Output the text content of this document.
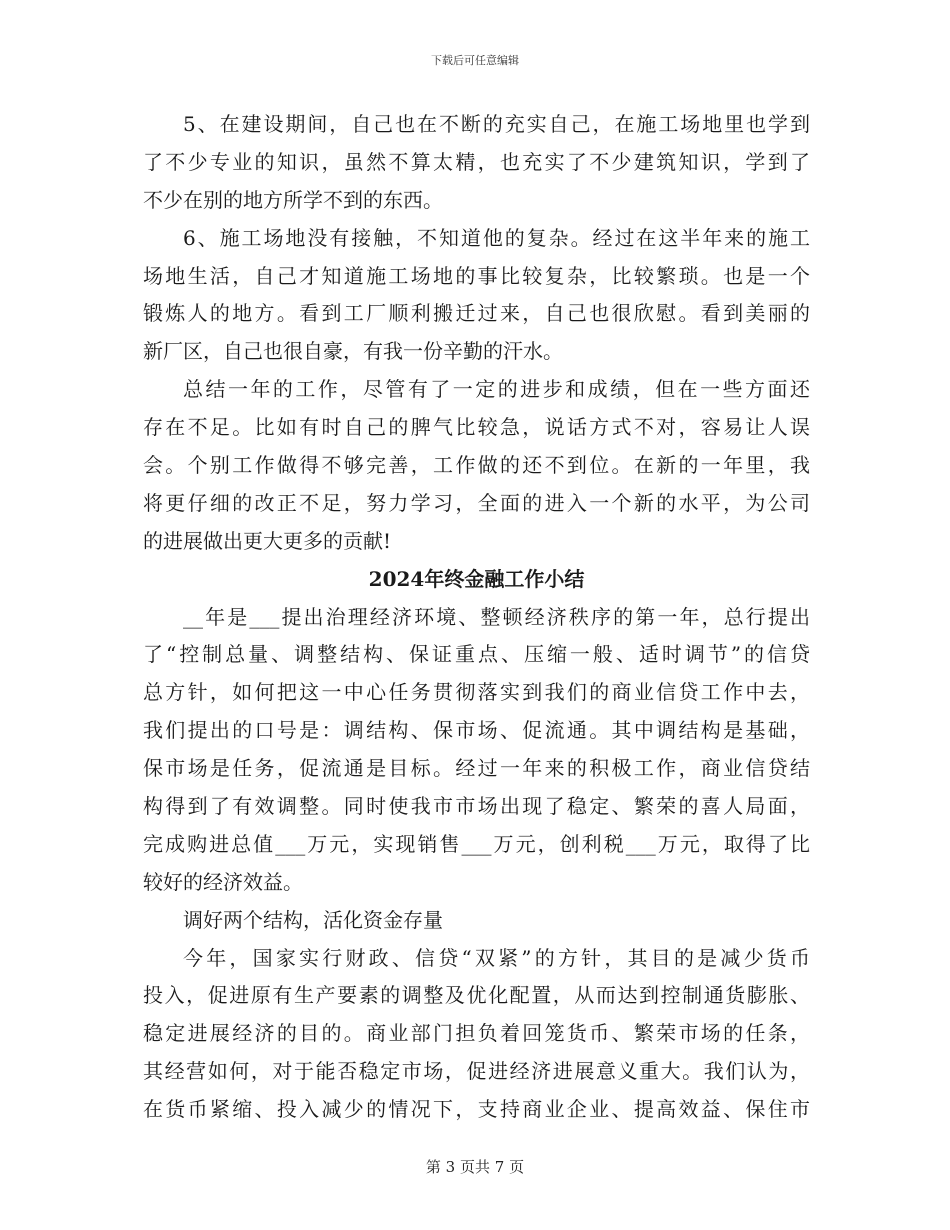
下载后可任意编辑
5、在建设期间，自己也在不断的充实自己，在施工场地里也学到
了不少专业的知识，虽然不算太精，也充实了不少建筑知识，学到了
不少在别的地方所学不到的东西。
6、施工场地没有接触，不知道他的复杂。经过在这半年来的施工
场地生活，自己才知道施工场地的事比较复杂，比较繁琐。也是一个
锻炼人的地方。看到工厂顺利搬迁过来，自己也很欣慰。看到美丽的
新厂区，自己也很自豪，有我一份辛勤的汗水。
总结一年的工作，尽管有了一定的进步和成绩，但在一些方面还
存在不足。比如有时自己的脾气比较急，说话方式不对，容易让人误
会。个别工作做得不够完善，工作做的还不到位。在新的一年里，我
将更仔细的改正不足，努力学习，全面的进入一个新的水平，为公司
的进展做出更大更多的贡献!
2024年终金融工作小结
__年是___提出治理经济环境、整顿经济秩序的第一年，总行提出
了“控制总量、调整结构、保证重点、压缩一般、适时调节”的信贷
总方针，如何把这一中心任务贯彻落实到我们的商业信贷工作中去，
我们提出的口号是：调结构、保市场、促流通。其中调结构是基础，
保市场是任务，促流通是目标。经过一年来的积极工作，商业信贷结
构得到了有效调整。同时使我市市场出现了稳定、繁荣的喜人局面，
完成购进总值___万元，实现销售___万元，创利税___万元，取得了比
较好的经济效益。
调好两个结构，活化资金存量
今年，国家实行财政、信贷“双紧”的方针，其目的是减少货币
投入，促进原有生产要素的调整及优化配置，从而达到控制通货膨胀、
稳定进展经济的目的。商业部门担负着回笼货币、繁荣市场的任条，
其经营如何，对于能否稳定市场，促进经济进展意义重大。我们认为，
在货币紧缩、投入减少的情况下，支持商业企业、提高效益、保住市
第 3 页共 7 页
